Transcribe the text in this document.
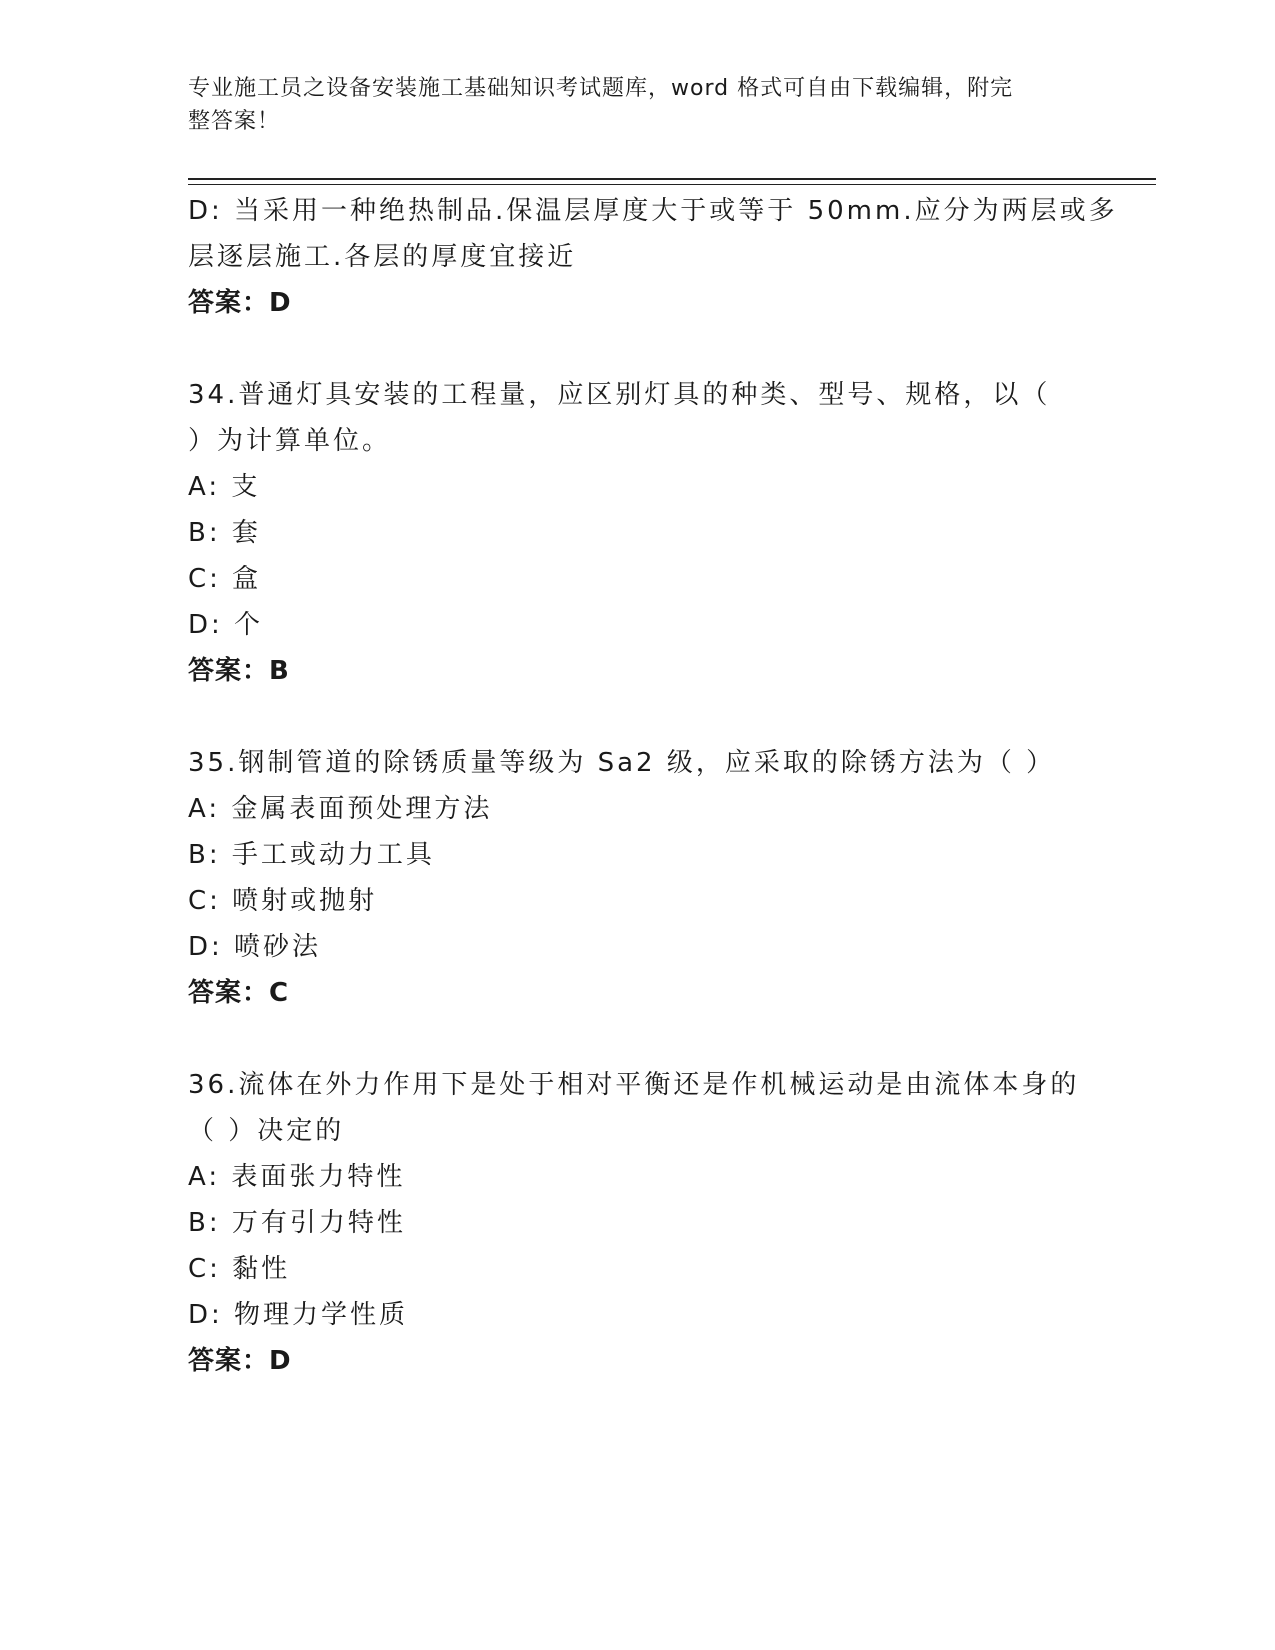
专业施工员之设备安装施工基础知识考试题库，word 格式可自由下载编辑，附完
整答案！
D: 当采用一种绝热制品.保温层厚度大于或等于 50mm.应分为两层或多
层逐层施工.各层的厚度宜接近
答案：D
34.普通灯具安装的工程量，应区别灯具的种类、型号、规格，以（
）为计算单位。
A: 支
B: 套
C: 盒
D: 个
答案：B
35.钢制管道的除锈质量等级为 Sa2 级，应采取的除锈方法为（ ）
A: 金属表面预处理方法
B: 手工或动力工具
C: 喷射或抛射
D: 喷砂法
答案：C
36.流体在外力作用下是处于相对平衡还是作机械运动是由流体本身的
（ ）决定的
A: 表面张力特性
B: 万有引力特性
C: 黏性
D: 物理力学性质
答案：D
